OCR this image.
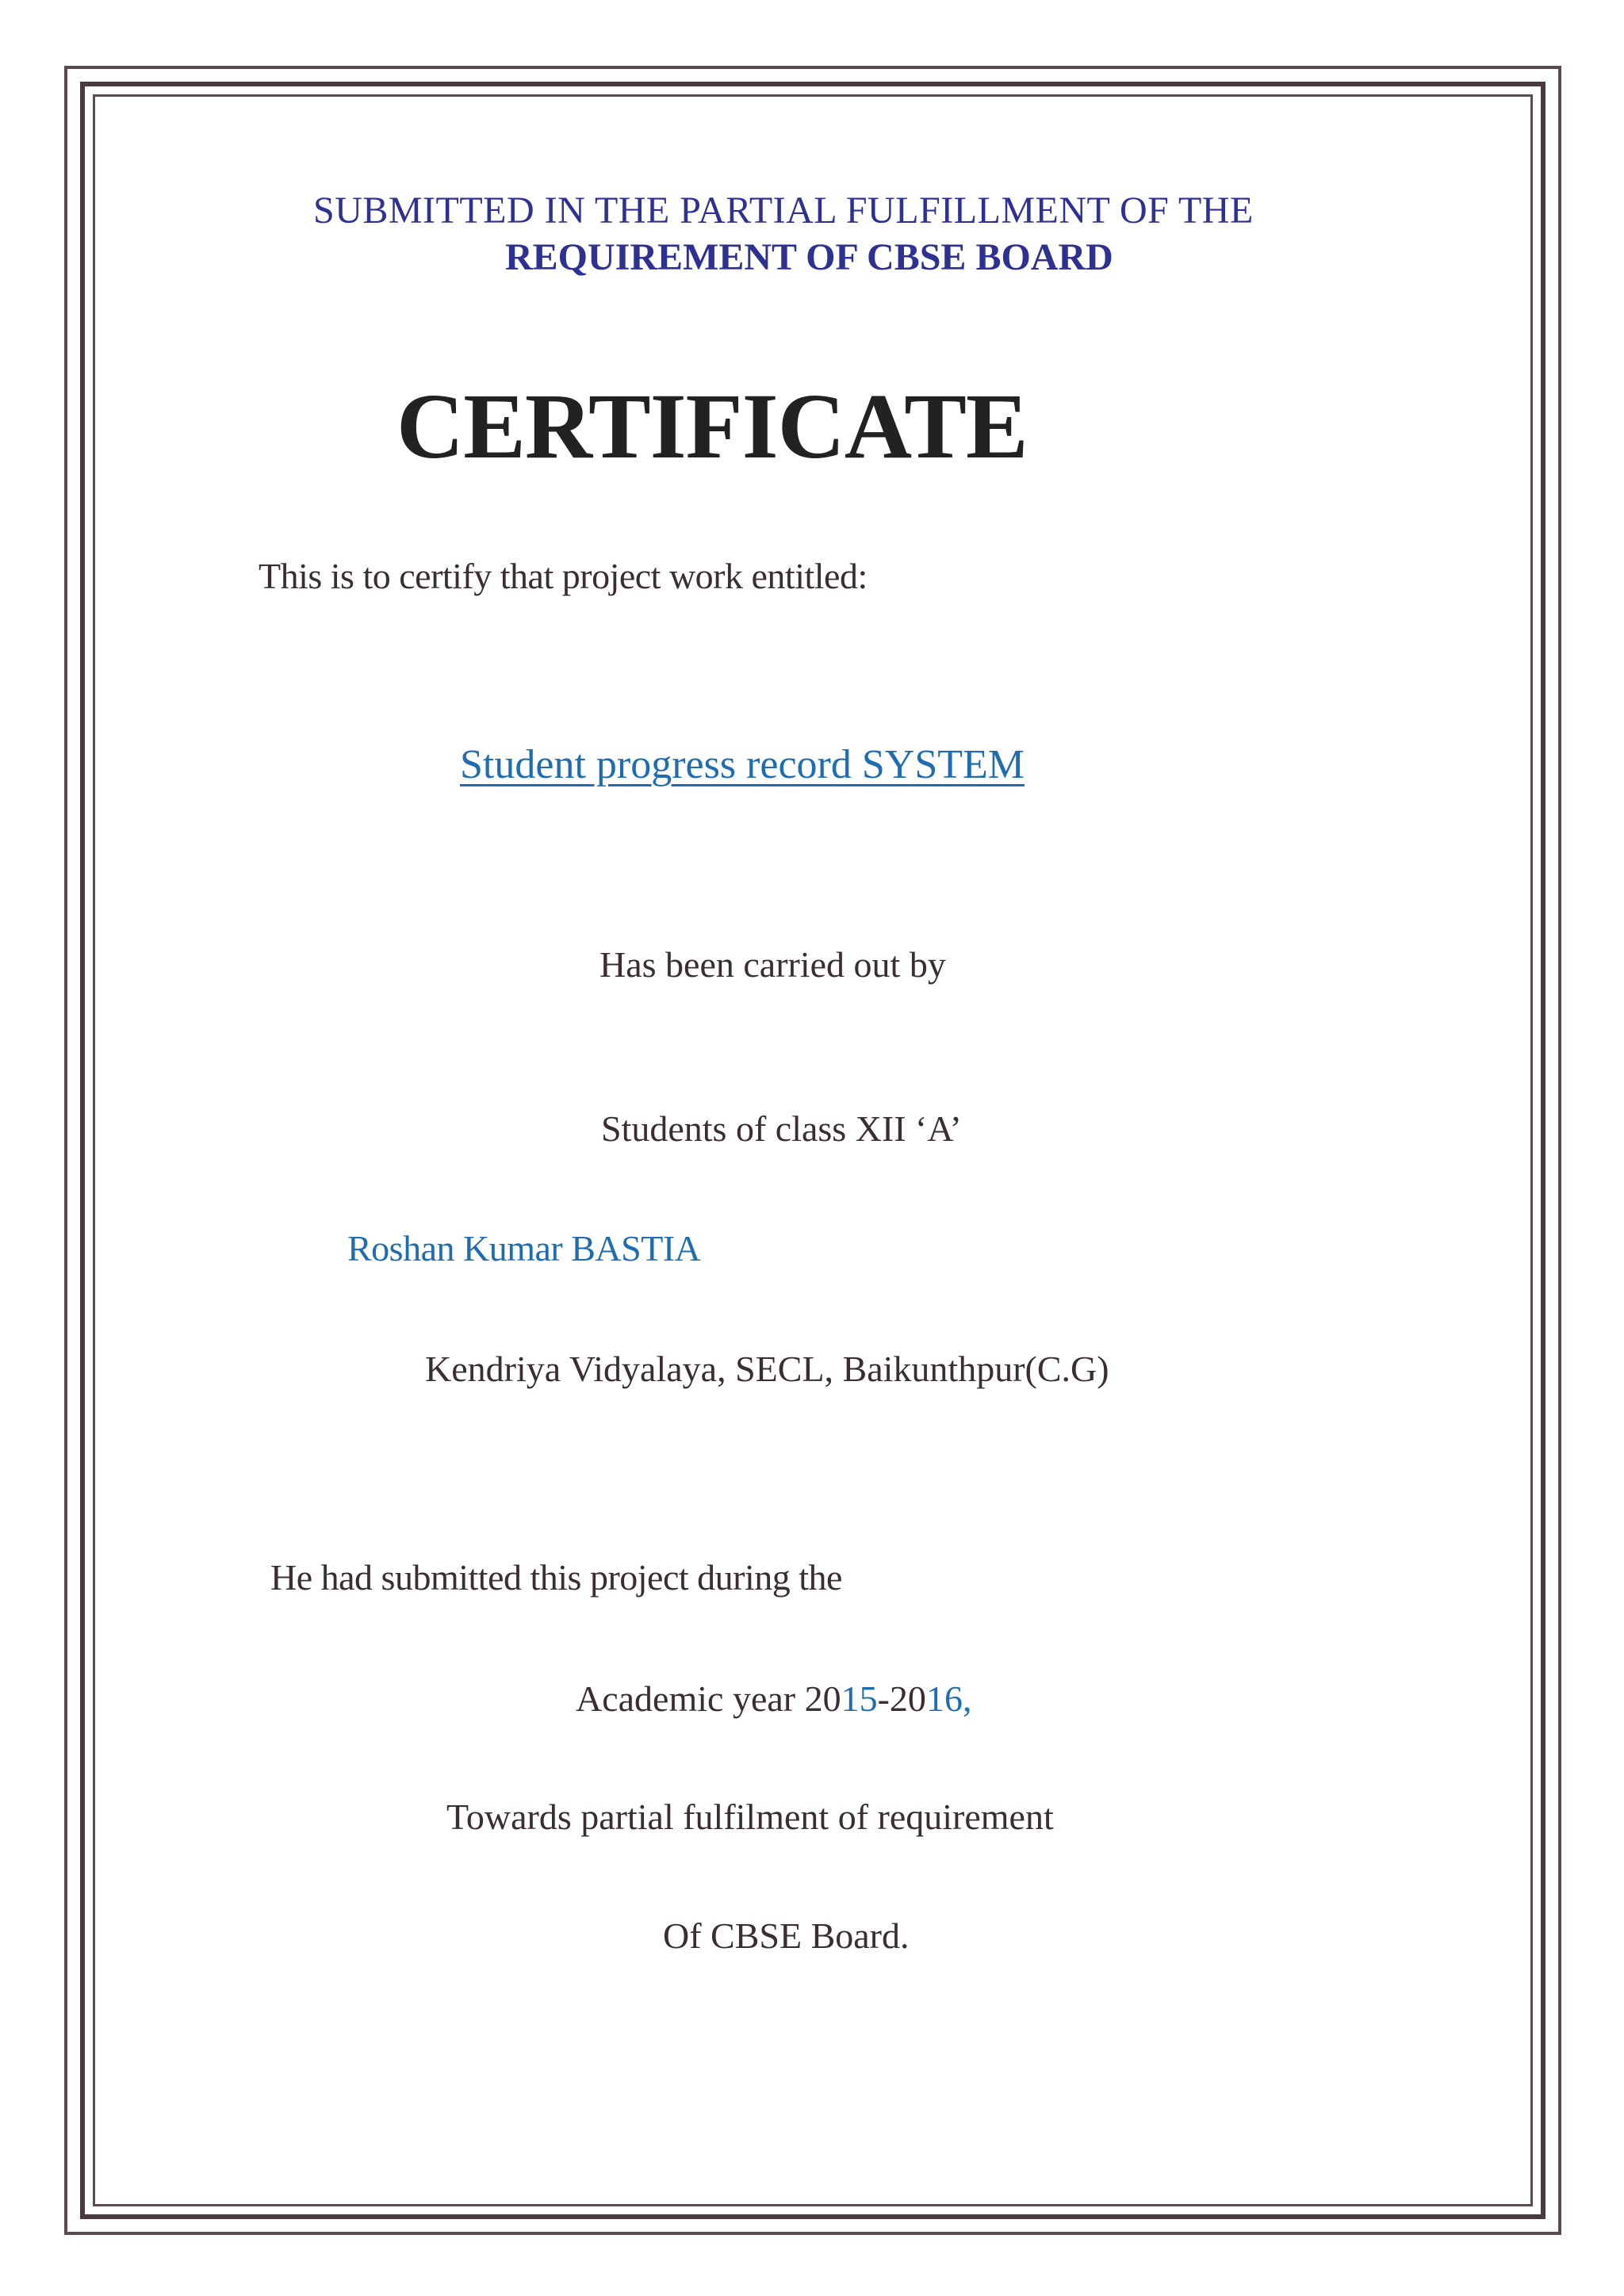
SUBMITTED IN THE PARTIAL FULFILLMENT OF THE
REQUIREMENT OF CBSE BOARD
CERTIFICATE
This is to certify that project work entitled:
Student progress record SYSTEM
Has been carried out by
Students of class XII ‘A’
Roshan Kumar BASTIA
Kendriya Vidyalaya, SECL, Baikunthpur(C.G)
He had submitted this project during the
Academic year 2015-2016,
Towards partial fulfilment of requirement
Of CBSE Board.
